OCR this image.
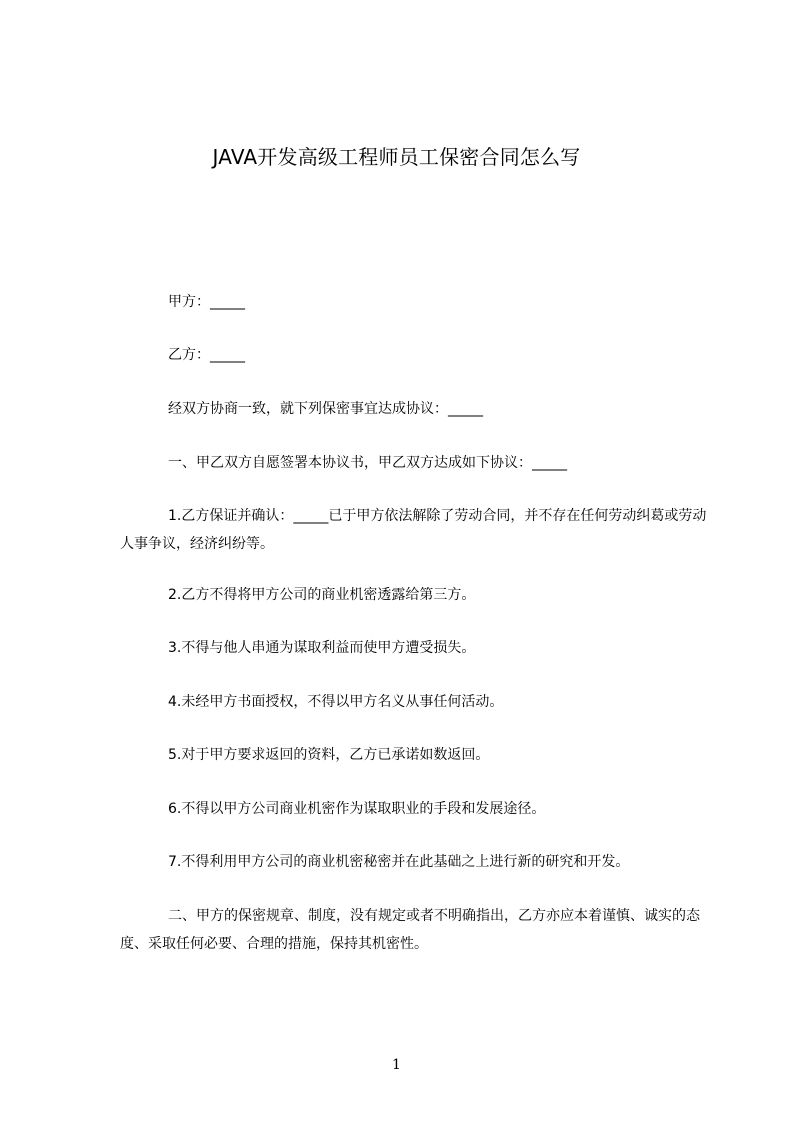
JAVA开发高级工程师员工保密合同怎么写

甲方：_____

乙方：_____

经双方协商一致，就下列保密事宜达成协议：_____

一、甲乙双方自愿签署本协议书，甲乙双方达成如下协议：_____

1.乙方保证并确认：_____已于甲方依法解除了劳动合同，并不存在任何劳动纠葛或劳动人事争议，经济纠纷等。

2.乙方不得将甲方公司的商业机密透露给第三方。

3.不得与他人串通为谋取利益而使甲方遭受损失。

4.未经甲方书面授权，不得以甲方名义从事任何活动。

5.对于甲方要求返回的资料，乙方已承诺如数返回。

6.不得以甲方公司商业机密作为谋取职业的手段和发展途径。

7.不得利用甲方公司的商业机密秘密并在此基础之上进行新的研究和开发。

二、甲方的保密规章、制度，没有规定或者不明确指出，乙方亦应本着谨慎、诚实的态度、采取任何必要、合理的措施，保持其机密性。

1
